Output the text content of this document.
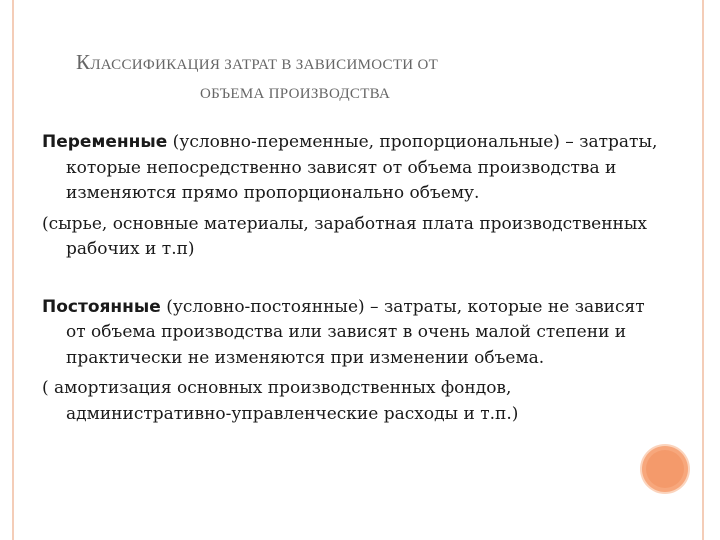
КЛАССИФИКАЦИЯ ЗАТРАТ В ЗАВИСИМОСТИ ОТ
ОБЪЕМА ПРОИЗВОДСТВА

Переменные (условно-переменные, пропорциональные) – затраты, которые непосредственно зависят от объема производства и изменяются прямо пропорционально объему.

(сырье, основные материалы, заработная плата производственных рабочих и т.п)

Постоянные (условно-постоянные) – затраты, которые не зависят от объема производства или зависят в очень малой степени и практически не изменяются при изменении объема.

( амортизация основных производственных фондов, административно-управленческие расходы и т.п.)
